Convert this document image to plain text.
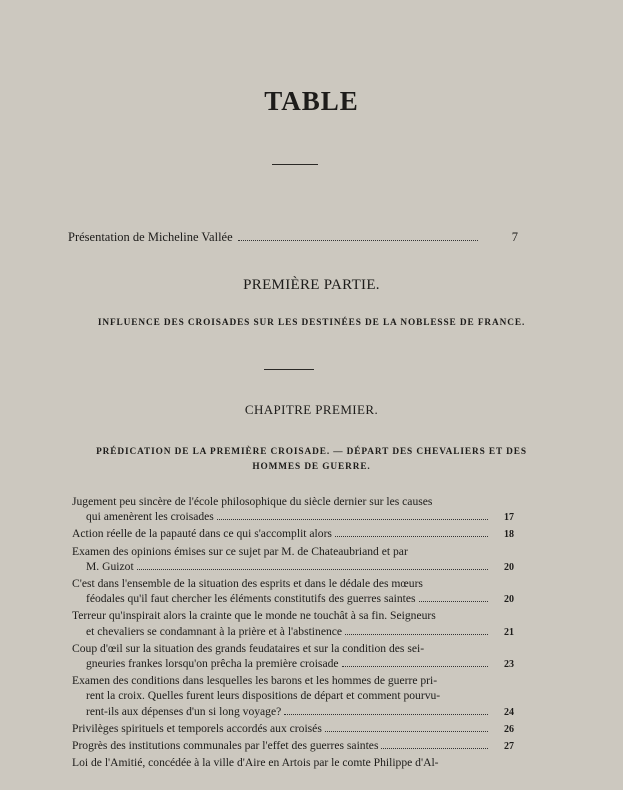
TABLE
Présentation de Micheline Vallée	7
PREMIÈRE PARTIE.
INFLUENCE DES CROISADES SUR LES DESTINÉES DE LA NOBLESSE DE FRANCE.
CHAPITRE PREMIER.
PRÉDICATION DE LA PREMIÈRE CROISADE. — DÉPART DES CHEVALIERS ET DES
HOMMES DE GUERRE.
Jugement peu sincère de l'école philosophique du siècle dernier sur les causes
qui amenèrent les croisades	17
Action réelle de la papauté dans ce qui s'accomplit alors	18
Examen des opinions émises sur ce sujet par M. de Chateaubriand et par
M. Guizot	20
C'est dans l'ensemble de la situation des esprits et dans le dédale des mœurs
féodales qu'il faut chercher les éléments constitutifs des guerres saintes	20
Terreur qu'inspirait alors la crainte que le monde ne touchât à sa fin. Seigneurs
et chevaliers se condamnant à la prière et à l'abstinence	21
Coup d'œil sur la situation des grands feudataires et sur la condition des sei-
gneuries frankes lorsqu'on prêcha la première croisade	23
Examen des conditions dans lesquelles les barons et les hommes de guerre pri-
rent la croix. Quelles furent leurs dispositions de départ et comment pourvu-
rent-ils aux dépenses d'un si long voyage?	24
Privilèges spirituels et temporels accordés aux croisés	26
Progrès des institutions communales par l'effet des guerres saintes	27
Loi de l'Amitié, concédée à la ville d'Aire en Artois par le comte Philippe d'Al-
